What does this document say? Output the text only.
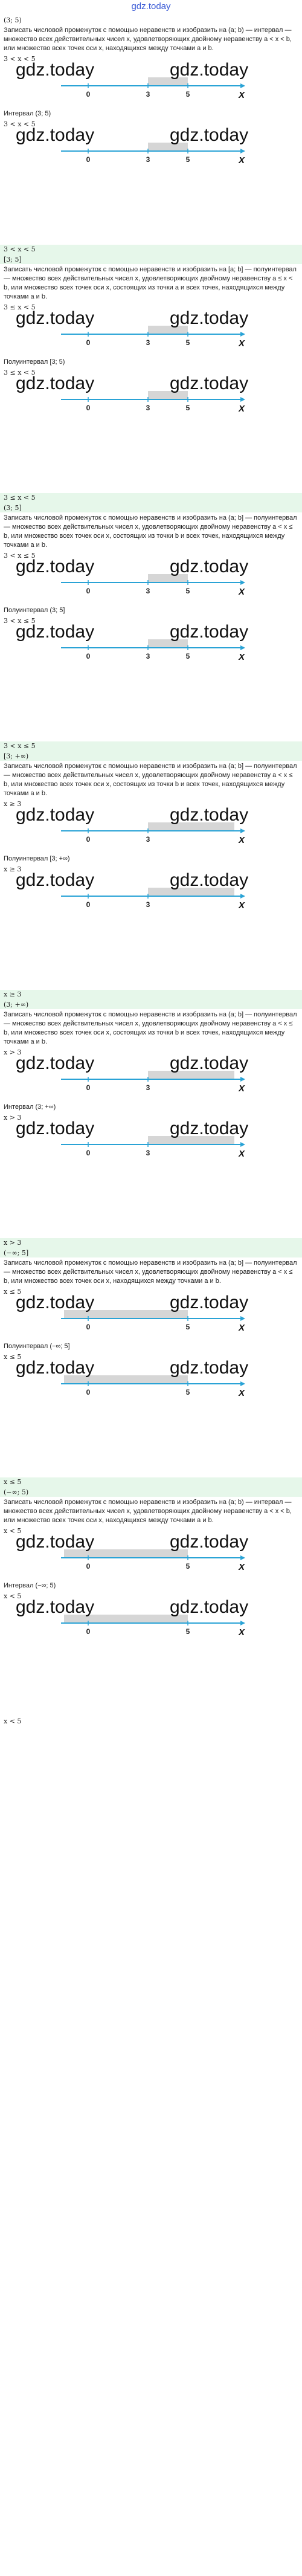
gdz.today
(3; 5)
Записать числовой промежуток с помощью неравенств и изобразить на (a; b) — интервал — множество всех действительных чисел x, удовлетворяющих двойному неравенству a < x < b, или множество всех точек оси x, находящихся между точками a и b.
3 < x < 5
0	3	5	X
gdz.today	gdz.today
Интервал (3; 5)
3 < x < 5
0	3	5	X
gdz.today	gdz.today
3 < x < 5
[3; 5]
Записать числовой промежуток с помощью неравенств и изобразить на [a; b] — полуинтервал — множество всех действительных чисел x, удовлетворяющих двойному неравенству a ≤ x < b, или множество всех точек оси x, состоящих из точки a и всех точек, находящихся между точками a и b.
3 ≤ x < 5
0	3	5	X
gdz.today	gdz.today
Полуинтервал [3; 5)
3 ≤ x < 5
0	3	5	X
gdz.today	gdz.today
3 ≤ x < 5
(3; 5]
Записать числовой промежуток с помощью неравенств и изобразить на (a; b] — полуинтервал — множество всех действительных чисел x, удовлетворяющих двойному неравенству a < x ≤ b, или множество всех точек оси x, состоящих из точки b и всех точек, находящихся между точками a и b.
3 < x ≤ 5
0	3	5	X
gdz.today	gdz.today
Полуинтервал (3; 5]
3 < x ≤ 5
0	3	5	X
gdz.today	gdz.today
3 < x ≤ 5
[3; +∞)
Записать числовой промежуток с помощью неравенств и изобразить на (a; b] — полуинтервал — множество всех действительных чисел x, удовлетворяющих двойному неравенству a < x ≤ b, или множество всех точек оси x, состоящих из точки b и всех точек, находящихся между точками a и b.
x ≥ 3
0	3	X
gdz.today	gdz.today
Полуинтервал [3; +∞)
x ≥ 3
0	3	X
gdz.today	gdz.today
x ≥ 3
(3; +∞)
Записать числовой промежуток с помощью неравенств и изобразить на (a; b] — полуинтервал — множество всех действительных чисел x, удовлетворяющих двойному неравенству a < x ≤ b, или множество всех точек оси x, состоящих из точки b и всех точек, находящихся между точками a и b.
x > 3
0	3	X
gdz.today	gdz.today
Интервал (3; +∞)
x > 3
0	3	X
gdz.today	gdz.today
x > 3
(−∞; 5]
Записать числовой промежуток с помощью неравенств и изобразить на (a; b] — полуинтервал — множество всех действительных чисел x, удовлетворяющих двойному неравенству a < x ≤ b, или множество всех точек оси x, находящихся между точками a и b.
x ≤ 5
0	5	X
gdz.today	gdz.today
Полуинтервал (−∞; 5]
x ≤ 5
0	5	X
gdz.today	gdz.today
x ≤ 5
(−∞; 5)
Записать числовой промежуток с помощью неравенств и изобразить на (a; b) — интервал — множество всех действительных чисел x, удовлетворяющих двойному неравенству a < x < b, или множество всех точек оси x, находящихся между точками a и b.
x < 5
0	5	X
gdz.today	gdz.today
Интервал (−∞; 5)
x < 5
0	5	X
gdz.today	gdz.today
x < 5
